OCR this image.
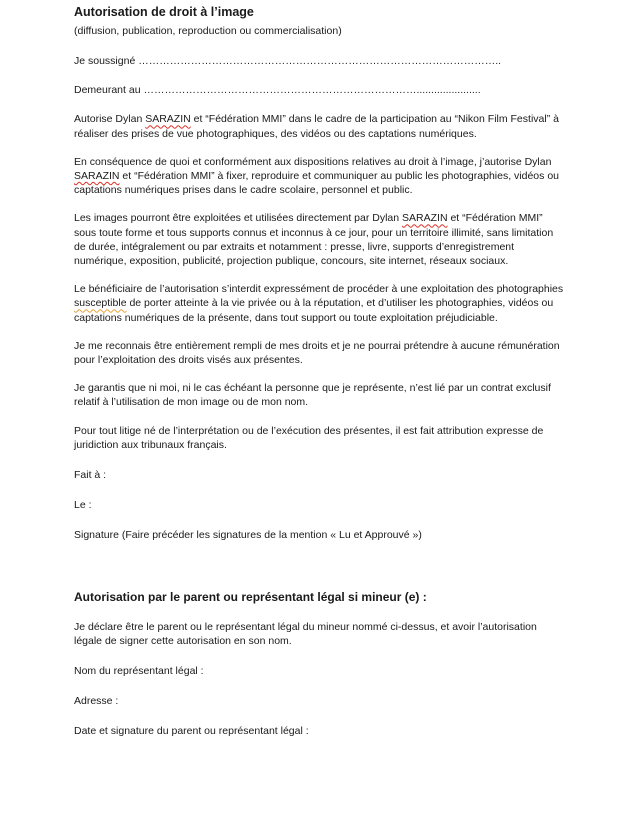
Autorisation de droit à l’image

(diffusion, publication, reproduction ou commercialisation)

Je soussigné …………………………………………………………………………………………..

Demeurant au ……………………………………………………………………......................

Autorise Dylan SARAZIN et “Fédération MMI” dans le cadre de la participation au “Nikon Film Festival” à réaliser des prises de vue photographiques, des vidéos ou des captations numériques.

En conséquence de quoi et conformément aux dispositions relatives au droit à l’image, j’autorise Dylan SARAZIN et “Fédération MMI” à fixer, reproduire et communiquer au public les photographies, vidéos ou captations numériques prises dans le cadre scolaire, personnel et public.

Les images pourront être exploitées et utilisées directement par Dylan SARAZIN et “Fédération MMI” sous toute forme et tous supports connus et inconnus à ce jour, pour un territoire illimité, sans limitation de durée, intégralement ou par extraits et notamment : presse, livre, supports d’enregistrement numérique, exposition, publicité, projection publique, concours, site internet, réseaux sociaux.

Le bénéficiaire de l’autorisation s’interdit expressément de procéder à une exploitation des photographies susceptible de porter atteinte à la vie privée ou à la réputation, et d’utiliser les photographies, vidéos ou captations numériques de la présente, dans tout support ou toute exploitation préjudiciable.

Je me reconnais être entièrement rempli de mes droits et je ne pourrai prétendre à aucune rémunération pour l’exploitation des droits visés aux présentes.

Je garantis que ni moi, ni le cas échéant la personne que je représente, n’est lié par un contrat exclusif relatif à l’utilisation de mon image ou de mon nom.

Pour tout litige né de l’interprétation ou de l’exécution des présentes, il est fait attribution expresse de juridiction aux tribunaux français.

Fait à :

Le :

Signature (Faire précéder les signatures de la mention « Lu et Approuvé »)

Autorisation par le parent ou représentant légal si mineur (e) :

Je déclare être le parent ou le représentant légal du mineur nommé ci-dessus, et avoir l’autorisation légale de signer cette autorisation en son nom.

Nom du représentant légal :

Adresse :

Date et signature du parent ou représentant légal :
